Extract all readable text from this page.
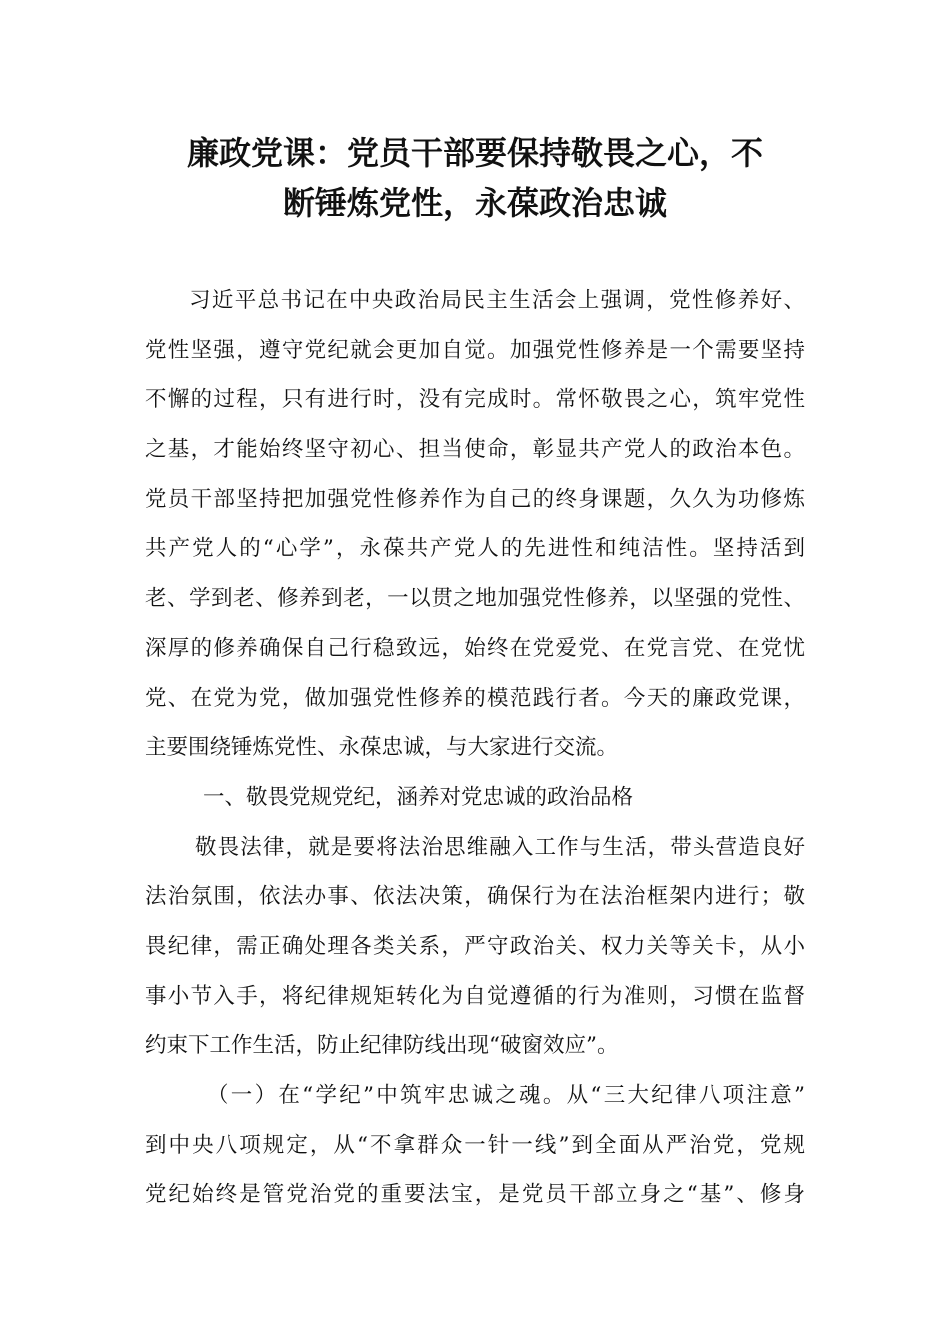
廉政党课：党员干部要保持敬畏之心，不
断锤炼党性，永葆政治忠诚
习近平总书记在中央政治局民主生活会上强调，党性修养好、
党性坚强，遵守党纪就会更加自觉。加强党性修养是一个需要坚持
不懈的过程，只有进行时，没有完成时。常怀敬畏之心，筑牢党性
之基，才能始终坚守初心、担当使命，彰显共产党人的政治本色。
党员干部坚持把加强党性修养作为自己的终身课题，久久为功修炼
共产党人的“心学”，永葆共产党人的先进性和纯洁性。坚持活到
老、学到老、修养到老，一以贯之地加强党性修养，以坚强的党性、
深厚的修养确保自己行稳致远，始终在党爱党、在党言党、在党忧
党、在党为党，做加强党性修养的模范践行者。今天的廉政党课，
主要围绕锤炼党性、永葆忠诚，与大家进行交流。
一、敬畏党规党纪，涵养对党忠诚的政治品格
敬畏法律，就是要将法治思维融入工作与生活，带头营造良好
法治氛围，依法办事、依法决策，确保行为在法治框架内进行；敬
畏纪律，需正确处理各类关系，严守政治关、权力关等关卡，从小
事小节入手，将纪律规矩转化为自觉遵循的行为准则，习惯在监督
约束下工作生活，防止纪律防线出现“破窗效应”。
（一）在“学纪”中筑牢忠诚之魂。从“三大纪律八项注意”
到中央八项规定，从“不拿群众一针一线”到全面从严治党，党规
党纪始终是管党治党的重要法宝，是党员干部立身之“基”、修身
